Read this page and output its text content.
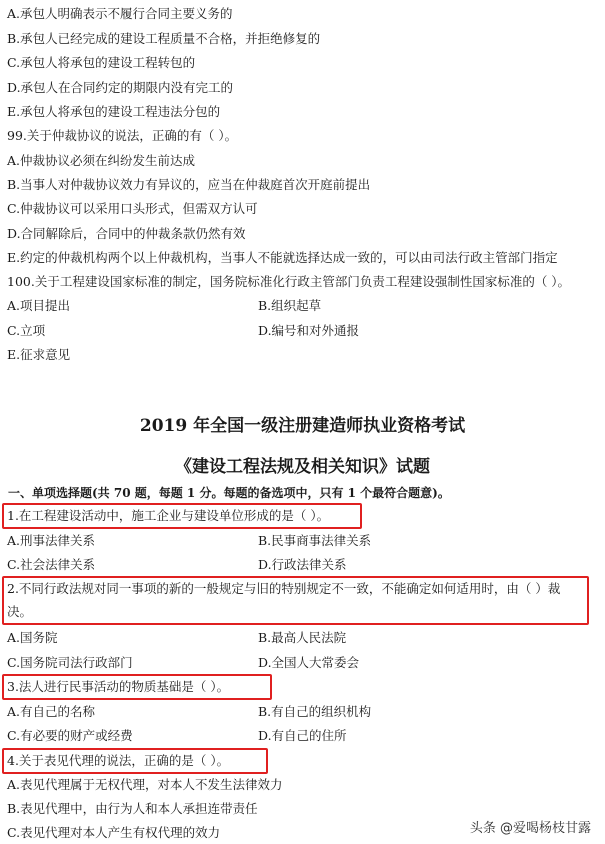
A.承包人明确表示不履行合同主要义务的
B.承包人已经完成的建设工程质量不合格，并拒绝修复的
C.承包人将承包的建设工程转包的
D.承包人在合同约定的期限内没有完工的
E.承包人将承包的建设工程违法分包的
99.关于仲裁协议的说法，正确的有（ ）。
A.仲裁协议必须在纠纷发生前达成
B.当事人对仲裁协议效力有异议的，应当在仲裁庭首次开庭前提出
C.仲裁协议可以采用口头形式，但需双方认可
D.合同解除后，合同中的仲裁条款仍然有效
E.约定的仲裁机构两个以上仲裁机构，当事人不能就选择达成一致的，可以由司法行政主管部门指定
100.关于工程建设国家标准的制定，国务院标准化行政主管部门负责工程建设强制性国家标准的（ ）。
A.项目提出	B.组织起草
C.立项	D.编号和对外通报
E.征求意见
2019 年全国一级注册建造师执业资格考试
《建设工程法规及相关知识》试题
一、单项选择题(共 70 题，每题 1 分。每题的备选项中，只有 1 个最符合题意)。
1.在工程建设活动中，施工企业与建设单位形成的是（ ）。
A.刑事法律关系	B.民事商事法律关系
C.社会法律关系	D.行政法律关系
2.不同行政法规对同一事项的新的一般规定与旧的特别规定不一致，不能确定如何适用时，由（ ）裁
决。
A.国务院	B.最高人民法院
C.国务院司法行政部门	D.全国人大常委会
3.法人进行民事活动的物质基础是（ ）。
A.有自己的名称	B.有自己的组织机构
C.有必要的财产或经费	D.有自己的住所
4.关于表见代理的说法，正确的是（ ）。
A.表见代理属于无权代理，对本人不发生法律效力
B.表见代理中，由行为人和本人承担连带责任
C.表见代理对本人产生有权代理的效力	头条 @爱喝杨枝甘露
